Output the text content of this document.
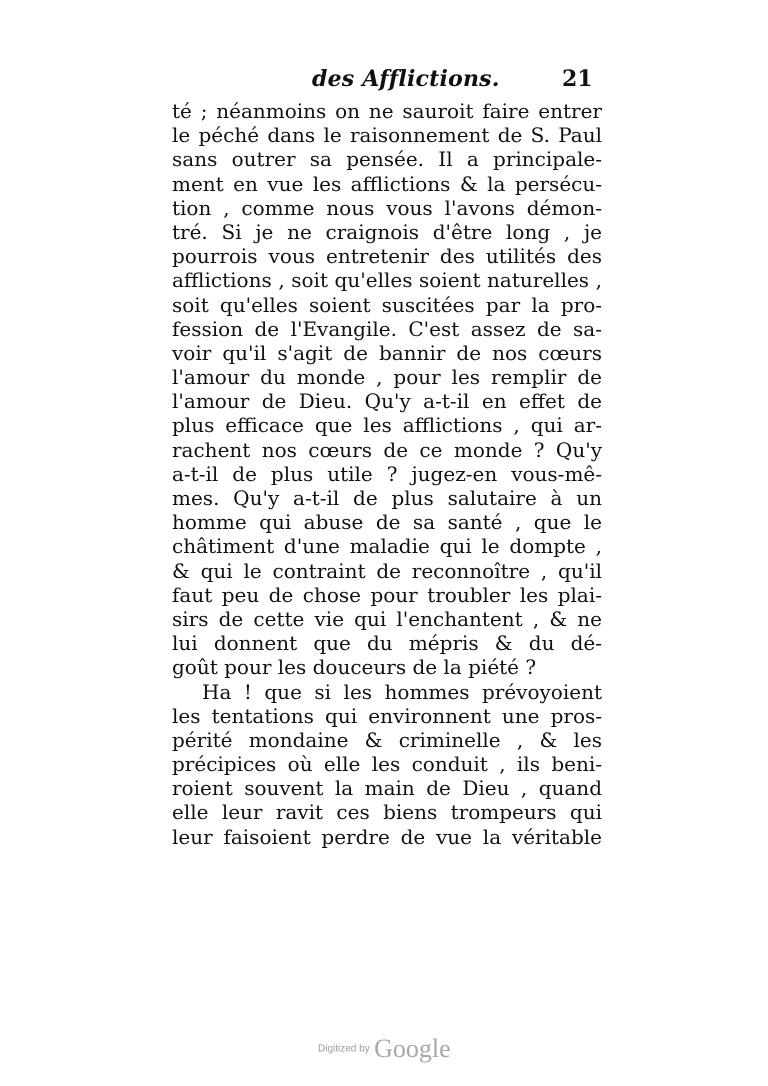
des Afflictions.	21
té ; néanmoins on ne sauroit faire entrer
le péché dans le raisonnement de S. Paul
sans outrer sa pensée. Il a principale-
ment en vue les afflictions & la persécu-
tion , comme nous vous l'avons démon-
tré. Si je ne craignois d'être long , je
pourrois vous entretenir des utilités des
afflictions , soit qu'elles soient naturelles ,
soit qu'elles soient suscitées par la pro-
fession de l'Evangile. C'est assez de sa-
voir qu'il s'agit de bannir de nos cœurs
l'amour du monde , pour les remplir de
l'amour de Dieu. Qu'y a-t-il en effet de
plus efficace que les afflictions , qui ar-
rachent nos cœurs de ce monde ? Qu'y
a-t-il de plus utile ? jugez-en vous-mê-
mes. Qu'y a-t-il de plus salutaire à un
homme qui abuse de sa santé , que le
châtiment d'une maladie qui le dompte ,
& qui le contraint de reconnoître , qu'il
faut peu de chose pour troubler les plai-
sirs de cette vie qui l'enchantent , & ne
lui donnent que du mépris & du dé-
goût pour les douceurs de la piété ?
Ha ! que si les hommes prévoyoient
les tentations qui environnent une pros-
périté mondaine & criminelle , & les
précipices où elle les conduit , ils beni-
roient souvent la main de Dieu , quand
elle leur ravit ces biens trompeurs qui
leur faisoient perdre de vue la véritable
Digitized by Google
